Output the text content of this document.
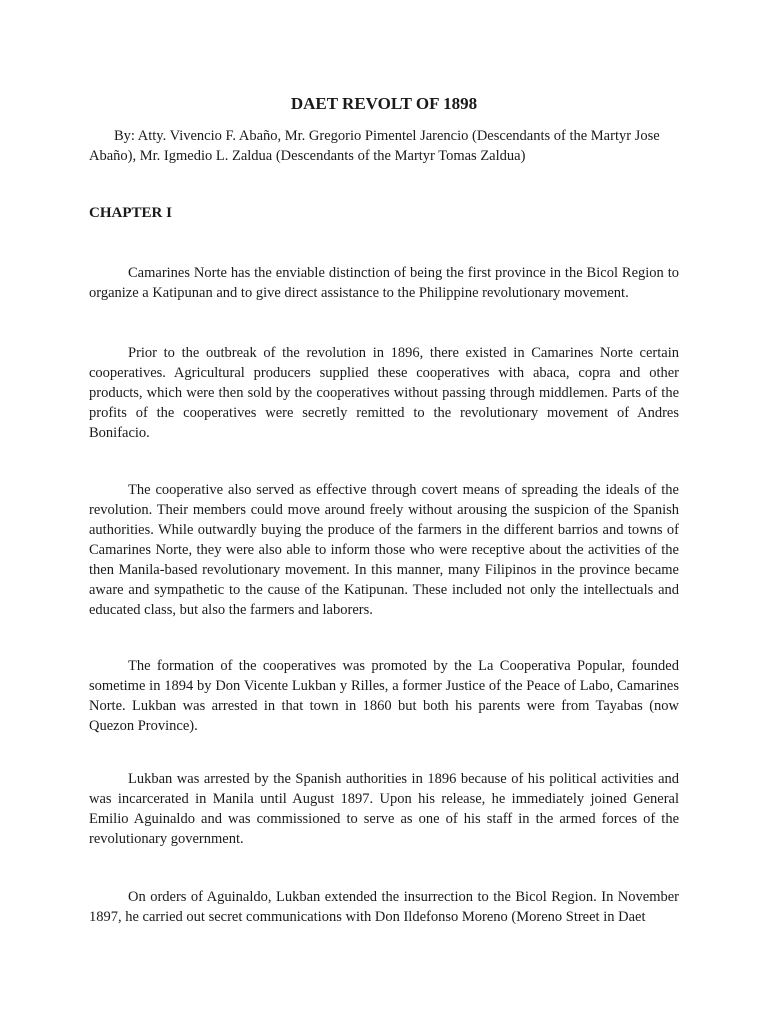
DAET REVOLT OF 1898

By: Atty. Vivencio F. Abaño, Mr. Gregorio Pimentel Jarencio (Descendants of the Martyr Jose Abaño), Mr. Igmedio L. Zaldua (Descendants of the Martyr Tomas Zaldua)

CHAPTER I

Camarines Norte has the enviable distinction of being the first province in the Bicol Region to organize a Katipunan and to give direct assistance to the Philippine revolutionary movement.

Prior to the outbreak of the revolution in 1896, there existed in Camarines Norte certain cooperatives. Agricultural producers supplied these cooperatives with abaca, copra and other products, which were then sold by the cooperatives without passing through middlemen. Parts of the profits of the cooperatives were secretly remitted to the revolutionary movement of Andres Bonifacio.

The cooperative also served as effective through covert means of spreading the ideals of the revolution. Their members could move around freely without arousing the suspicion of the Spanish authorities. While outwardly buying the produce of the farmers in the different barrios and towns of Camarines Norte, they were also able to inform those who were receptive about the activities of the then Manila-based revolutionary movement. In this manner, many Filipinos in the province became aware and sympathetic to the cause of the Katipunan. These included not only the intellectuals and educated class, but also the farmers and laborers.

The formation of the cooperatives was promoted by the La Cooperativa Popular, founded sometime in 1894 by Don Vicente Lukban y Rilles, a former Justice of the Peace of Labo, Camarines Norte. Lukban was arrested in that town in 1860 but both his parents were from Tayabas (now Quezon Province).

Lukban was arrested by the Spanish authorities in 1896 because of his political activities and was incarcerated in Manila until August 1897. Upon his release, he immediately joined General Emilio Aguinaldo and was commissioned to serve as one of his staff in the armed forces of the revolutionary government.

On orders of Aguinaldo, Lukban extended the insurrection to the Bicol Region. In November 1897, he carried out secret communications with Don Ildefonso Moreno (Moreno Street in Daet
